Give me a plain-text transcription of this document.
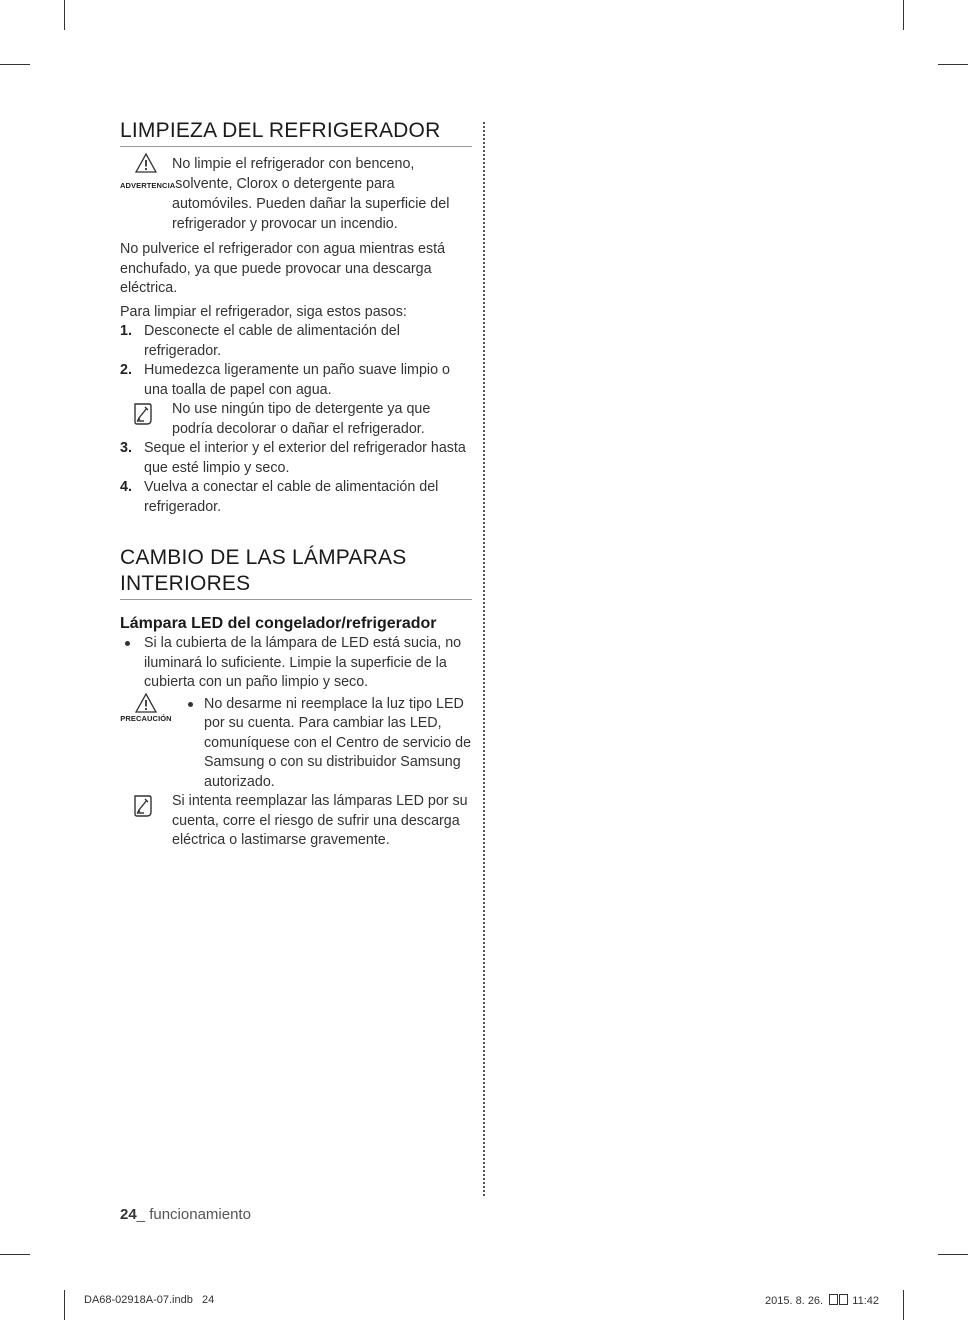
LIMPIEZA DEL REFRIGERADOR

No limpie el refrigerador con benceno,

ADVERTENCIAsolvente, Clorox o detergente para

automóviles. Pueden dañar la superficie del refrigerador y provocar un incendio.

No pulverice el refrigerador con agua mientras está enchufado, ya que puede provocar una descarga eléctrica.

Para limpiar el refrigerador, siga estos pasos:

1. Desconecte el cable de alimentación del refrigerador.
2. Humedezca ligeramente un paño suave limpio o una toalla de papel con agua.

No use ningún tipo de detergente ya que podría decolorar o dañar el refrigerador.

3. Seque el interior y el exterior del refrigerador hasta que esté limpio y seco.
4. Vuelva a conectar el cable de alimentación del refrigerador.
CAMBIO DE LAS LÁMPARAS
INTERIORES
Lámpara LED del congelador/refrigerador
Si la cubierta de la lámpara de LED está sucia, no iluminará lo suficiente. Limpie la superficie de la cubierta con un paño limpio y seco.
PRECAUCIÓN
No desarme ni reemplace la luz tipo LED por su cuenta. Para cambiar las LED, comuníquese con el Centro de servicio de Samsung o con su distribuidor Samsung autorizado.

Si intenta reemplazar las lámparas LED por su cuenta, corre el riesgo de sufrir una descarga eléctrica o lastimarse gravemente.

24_ funcionamiento
DA68-02918A-07.indb   24	2015. 8. 26.	11:42
